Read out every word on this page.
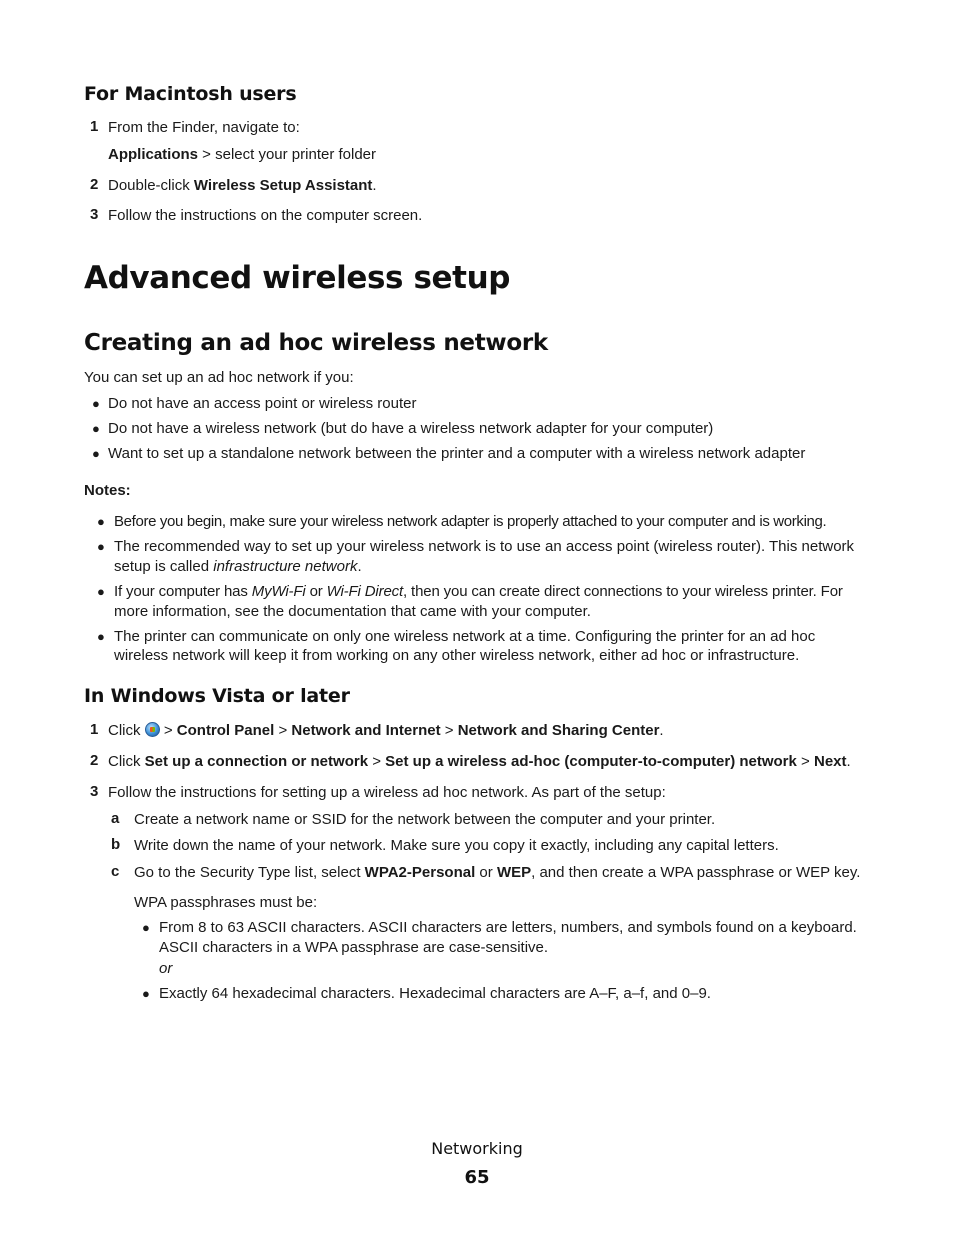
For Macintosh users
1 From the Finder, navigate to:
Applications > select your printer folder
2 Double-click Wireless Setup Assistant.
3 Follow the instructions on the computer screen.
Advanced wireless setup
Creating an ad hoc wireless network
You can set up an ad hoc network if you:
● Do not have an access point or wireless router
● Do not have a wireless network (but do have a wireless network adapter for your computer)
● Want to set up a standalone network between the printer and a computer with a wireless network adapter
Notes:
● Before you begin, make sure your wireless network adapter is properly attached to your computer and is working.
● The recommended way to set up your wireless network is to use an access point (wireless router). This network
setup is called infrastructure network.
● If your computer has MyWi-Fi or Wi-Fi Direct, then you can create direct connections to your wireless printer. For
more information, see the documentation that came with your computer.
● The printer can communicate on only one wireless network at a time. Configuring the printer for an ad hoc
wireless network will keep it from working on any other wireless network, either ad hoc or infrastructure.
In Windows Vista or later
1 Click  > Control Panel > Network and Internet > Network and Sharing Center.
2 Click Set up a connection or network > Set up a wireless ad-hoc (computer-to-computer) network > Next.
3 Follow the instructions for setting up a wireless ad hoc network. As part of the setup:
a Create a network name or SSID for the network between the computer and your printer.
b Write down the name of your network. Make sure you copy it exactly, including any capital letters.
c Go to the Security Type list, select WPA2-Personal or WEP, and then create a WPA passphrase or WEP key.
WPA passphrases must be:
● From 8 to 63 ASCII characters. ASCII characters are letters, numbers, and symbols found on a keyboard.
ASCII characters in a WPA passphrase are case-sensitive.
or
● Exactly 64 hexadecimal characters. Hexadecimal characters are A–F, a–f, and 0–9.
Networking
65
